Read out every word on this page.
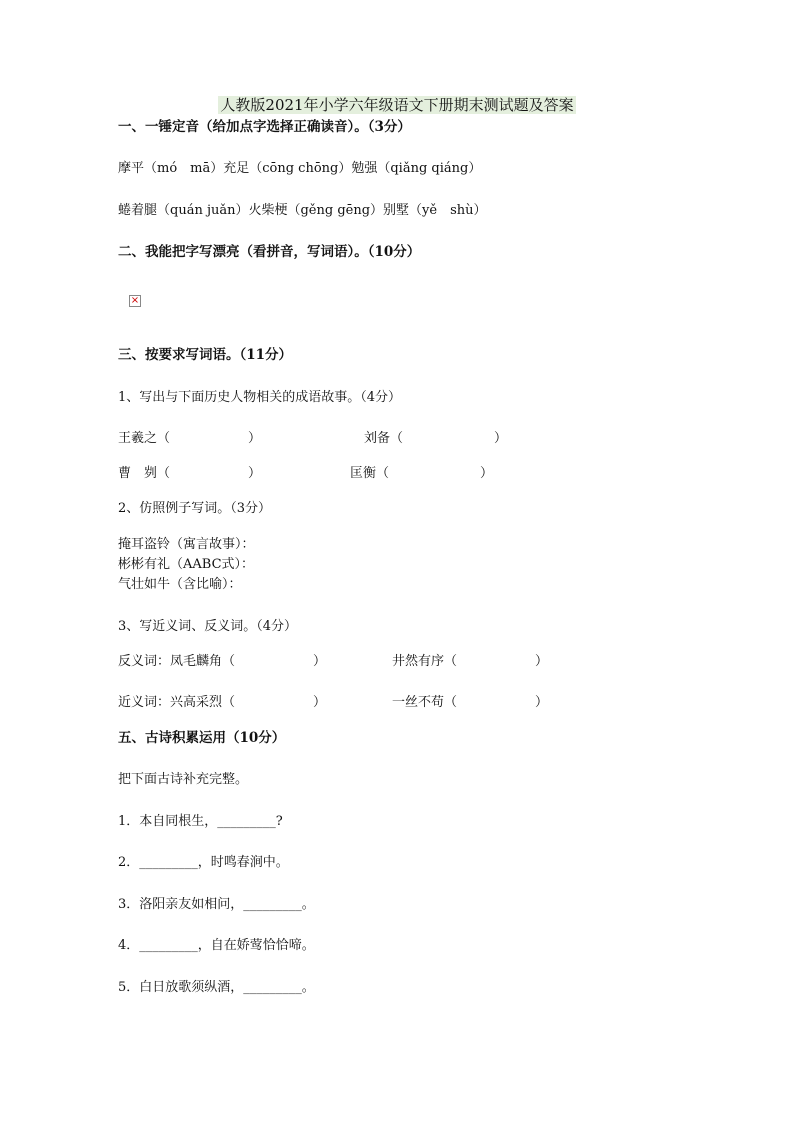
人教版2021年小学六年级语文下册期末测试题及答案
一、一锤定音（给加点字选择正确读音）。（3分）
摩平（mó　mā）充足（cōng chōng）勉强（qiǎng qiáng）
蜷着腿（quán juǎn）火柴梗（gěng gēng）别墅（yě　shù）
二、我能把字写漂亮（看拼音，写词语）。（10分）
×
三、按要求写词语。（11分）
1、写出与下面历史人物相关的成语故事。（4分）
王羲之（　　　　　　）	刘备（　　　　　　　）
曹　刿（　　　　　　）	匡衡（　　　　　　　）
2、仿照例子写词。（3分）
掩耳盗铃（寓言故事）：
彬彬有礼（AABC式）：
气壮如牛（含比喻）：
3、写近义词、反义词。（4分）
反义词：凤毛麟角（　　　　　　）	井然有序（　　　　　　）
近义词：兴高采烈（　　　　　　）	一丝不苟（　　　　　　）
五、古诗积累运用（10分）
把下面古诗补充完整。
1．本自同根生，_________?
2．_________，时鸣春涧中。
3．洛阳亲友如相问，_________。
4．_________，自在娇莺恰恰啼。
5．白日放歌须纵酒，_________。
